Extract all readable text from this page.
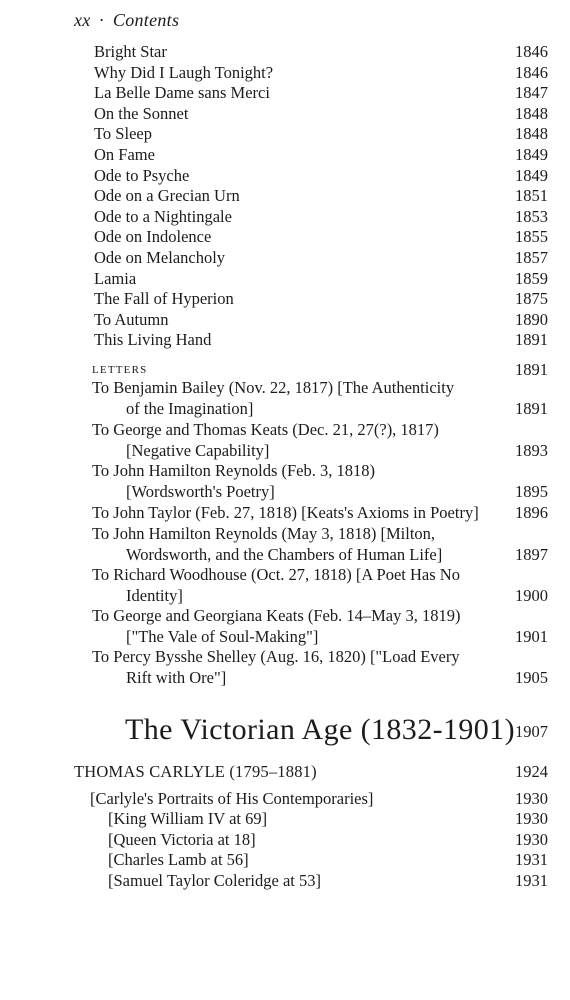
xx · Contents
Bright Star	1846
Why Did I Laugh Tonight?	1846
La Belle Dame sans Merci	1847
On the Sonnet	1848
To Sleep	1848
On Fame	1849
Ode to Psyche	1849
Ode on a Grecian Urn	1851
Ode to a Nightingale	1853
Ode on Indolence	1855
Ode on Melancholy	1857
Lamia	1859
The Fall of Hyperion	1875
To Autumn	1890
This Living Hand	1891
LETTERS	1891
To Benjamin Bailey (Nov. 22, 1817) [The Authenticity
of the Imagination]	1891
To George and Thomas Keats (Dec. 21, 27(?), 1817)
[Negative Capability]	1893
To John Hamilton Reynolds (Feb. 3, 1818)
[Wordsworth's Poetry]	1895
To John Taylor (Feb. 27, 1818) [Keats's Axioms in Poetry] 1896
To John Hamilton Reynolds (May 3, 1818) [Milton,
Wordsworth, and the Chambers of Human Life]	1897
To Richard Woodhouse (Oct. 27, 1818) [A Poet Has No
Identity]	1900
To George and Georgiana Keats (Feb. 14–May 3, 1819)
["The Vale of Soul-Making"]	1901
To Percy Bysshe Shelley (Aug. 16, 1820) ["Load Every
Rift with Ore"]	1905
THOMAS CARLYLE (1795–1881)	1924
[Carlyle's Portraits of His Contemporaries]	1930
[King William IV at 69]	1930
[Queen Victoria at 18]	1930
[Charles Lamb at 56]	1931
[Samuel Taylor Coleridge at 53]	1931
The Victorian Age (1832-1901) 1907
